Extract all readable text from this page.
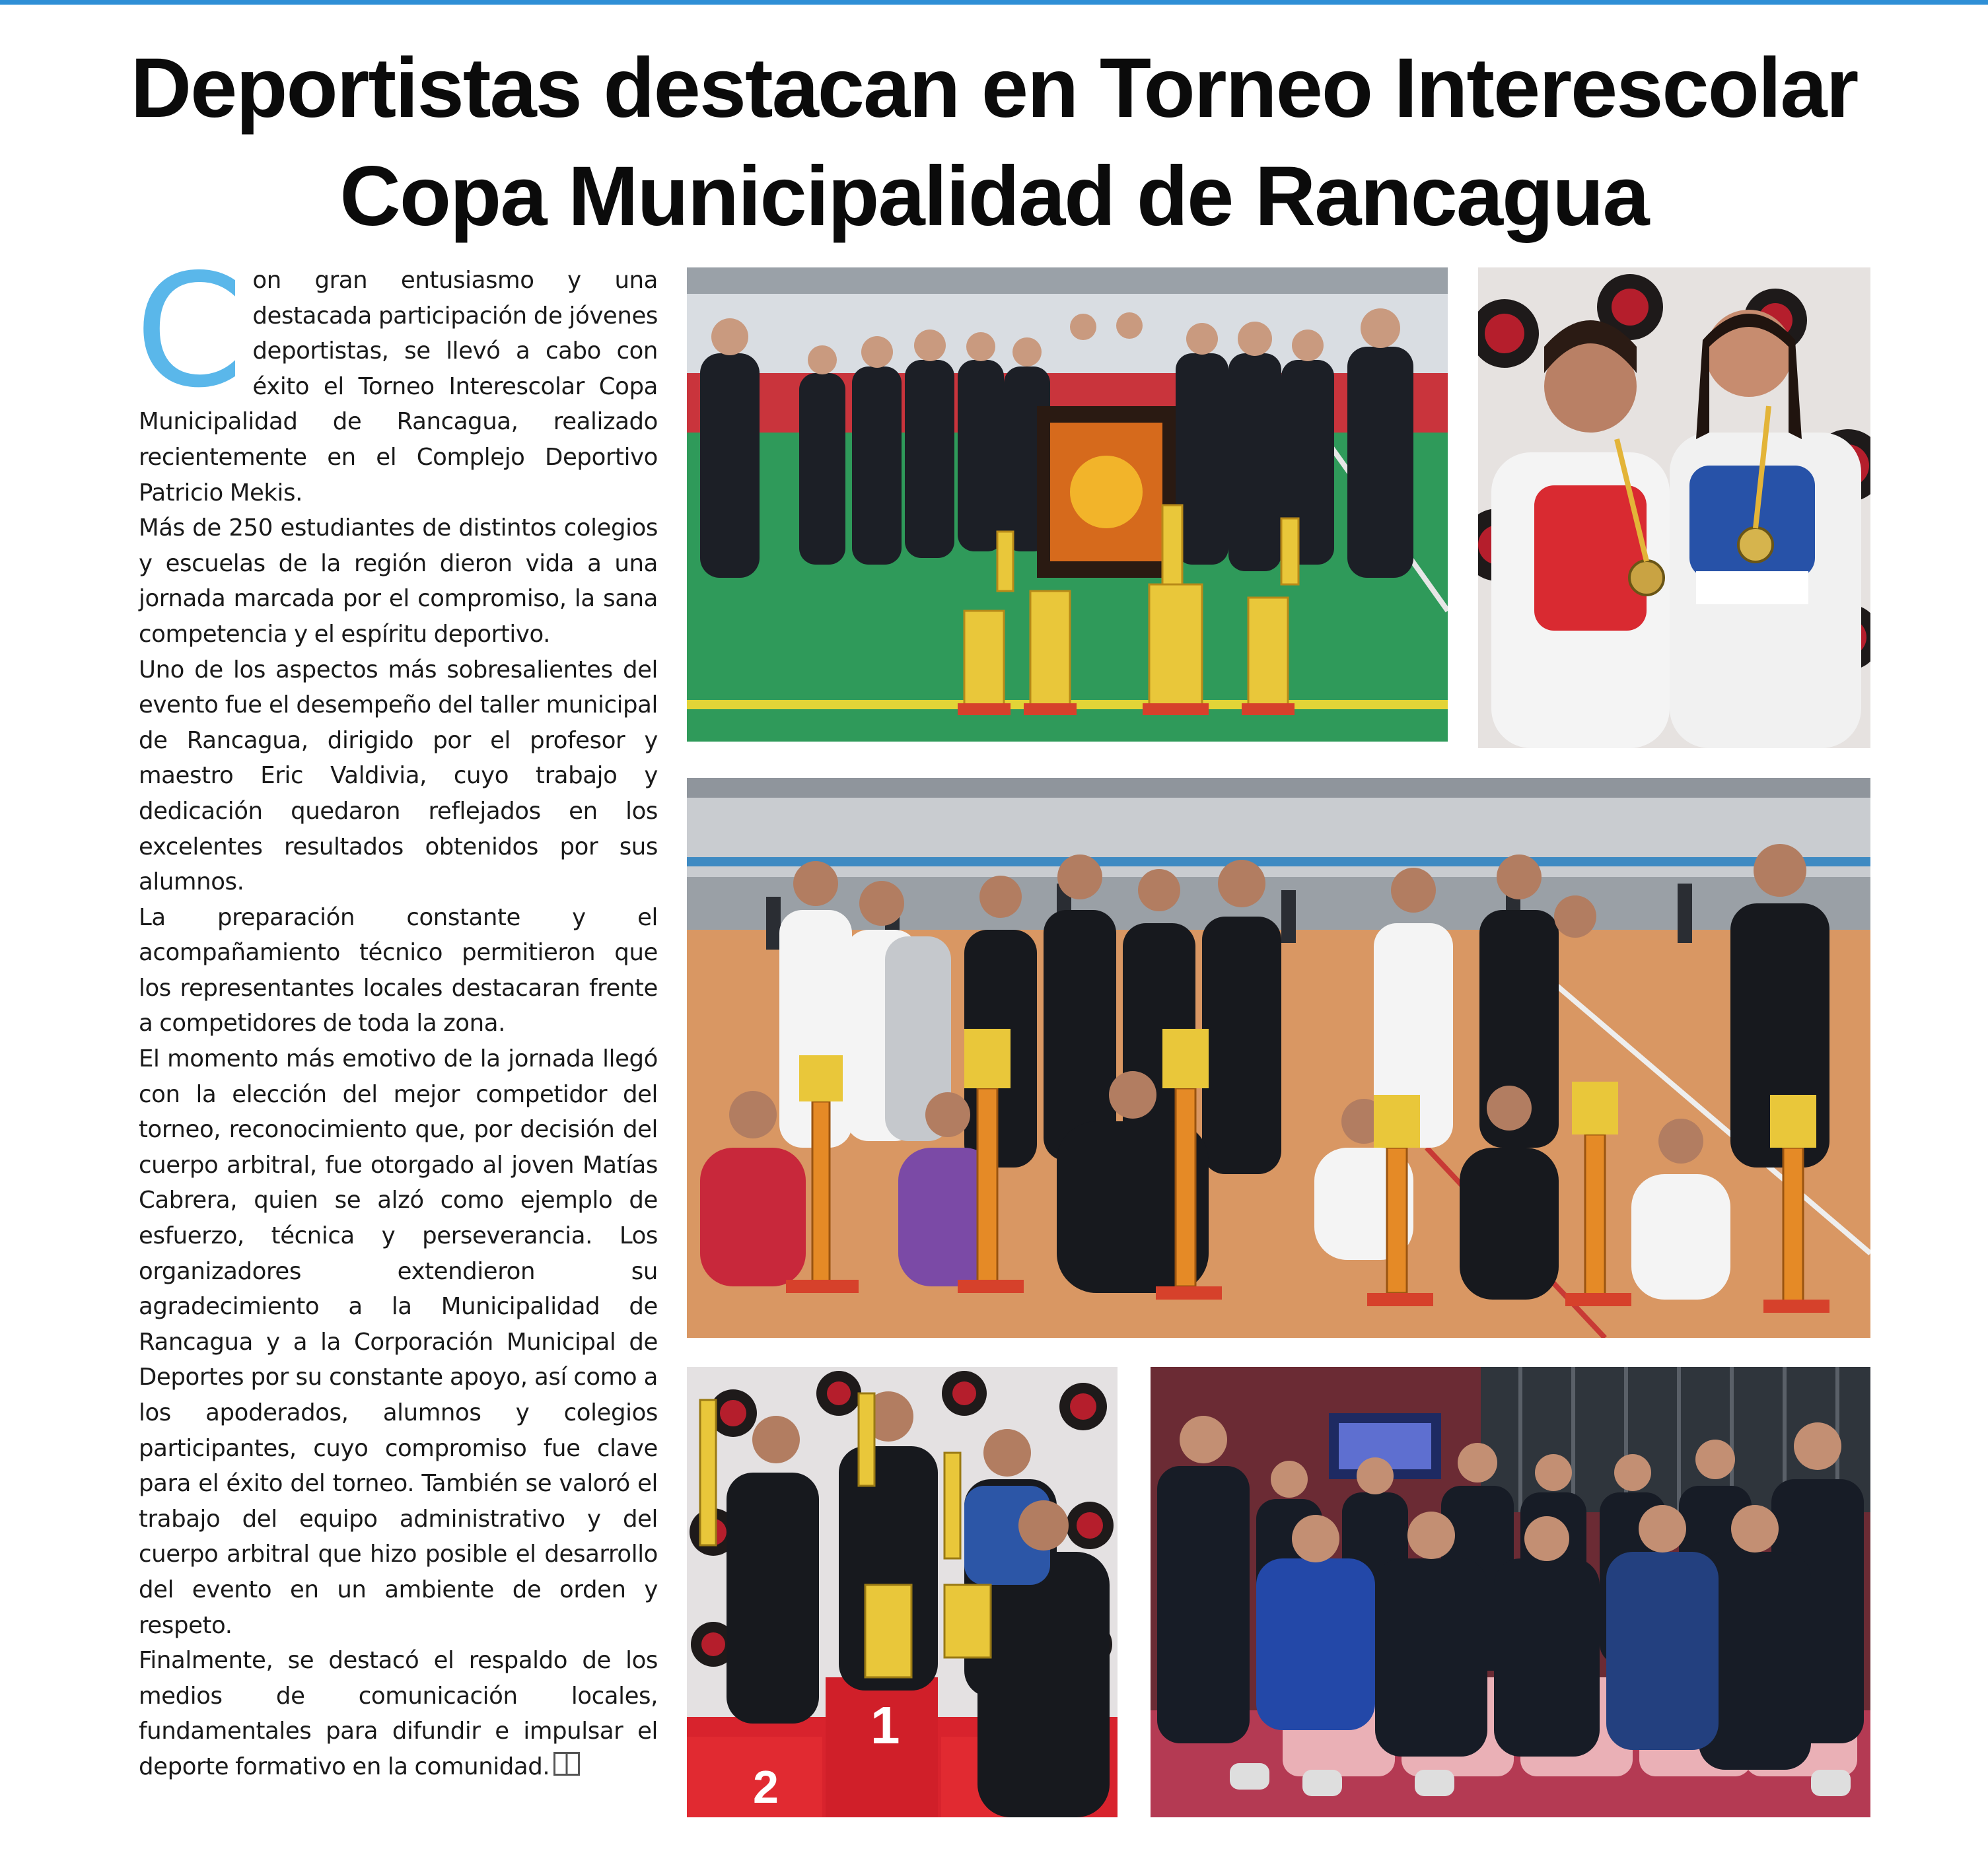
Deportistas destacan en Torneo Interescolar
Copa Municipalidad de Rancagua

Con gran entusiasmo y una destacada participación de jóvenes deportistas, se llevó a cabo con éxito el Torneo Interescolar Copa Municipalidad de Rancagua, realizado recientemente en el Complejo Deportivo Patricio Mekis.

Más de 250 estudiantes de distintos colegios y escuelas de la región dieron vida a una jornada marcada por el compromiso, la sana competencia y el espíritu deportivo.

Uno de los aspectos más sobresalientes del evento fue el desempeño del taller municipal de Rancagua, dirigido por el profesor y maestro Eric Valdivia, cuyo trabajo y dedicación quedaron reflejados en los excelentes resultados obtenidos por sus alumnos.

La preparación constante y el acompañamiento técnico permitieron que los representantes locales destacaran frente a competidores de toda la zona.

El momento más emotivo de la jornada llegó con la elección del mejor competidor del torneo, reconocimiento que, por decisión del cuerpo arbitral, fue otorgado al joven Matías Cabrera, quien se alzó como ejemplo de esfuerzo, técnica y perseverancia. Los organizadores extendieron su agradecimiento a la Municipalidad de Rancagua y a la Corporación Municipal de Deportes por su constante apoyo, así como a los apoderados, alumnos y colegios participantes, cuyo compromiso fue clave para el éxito del torneo. También se valoró el trabajo del equipo administrativo y del cuerpo arbitral que hizo posible el desarrollo del evento en un ambiente de orden y respeto.

Finalmente, se destacó el respaldo de los medios de comunicación locales, fundamentales para difundir e impulsar el deporte formativo en la comunidad.	2
1
